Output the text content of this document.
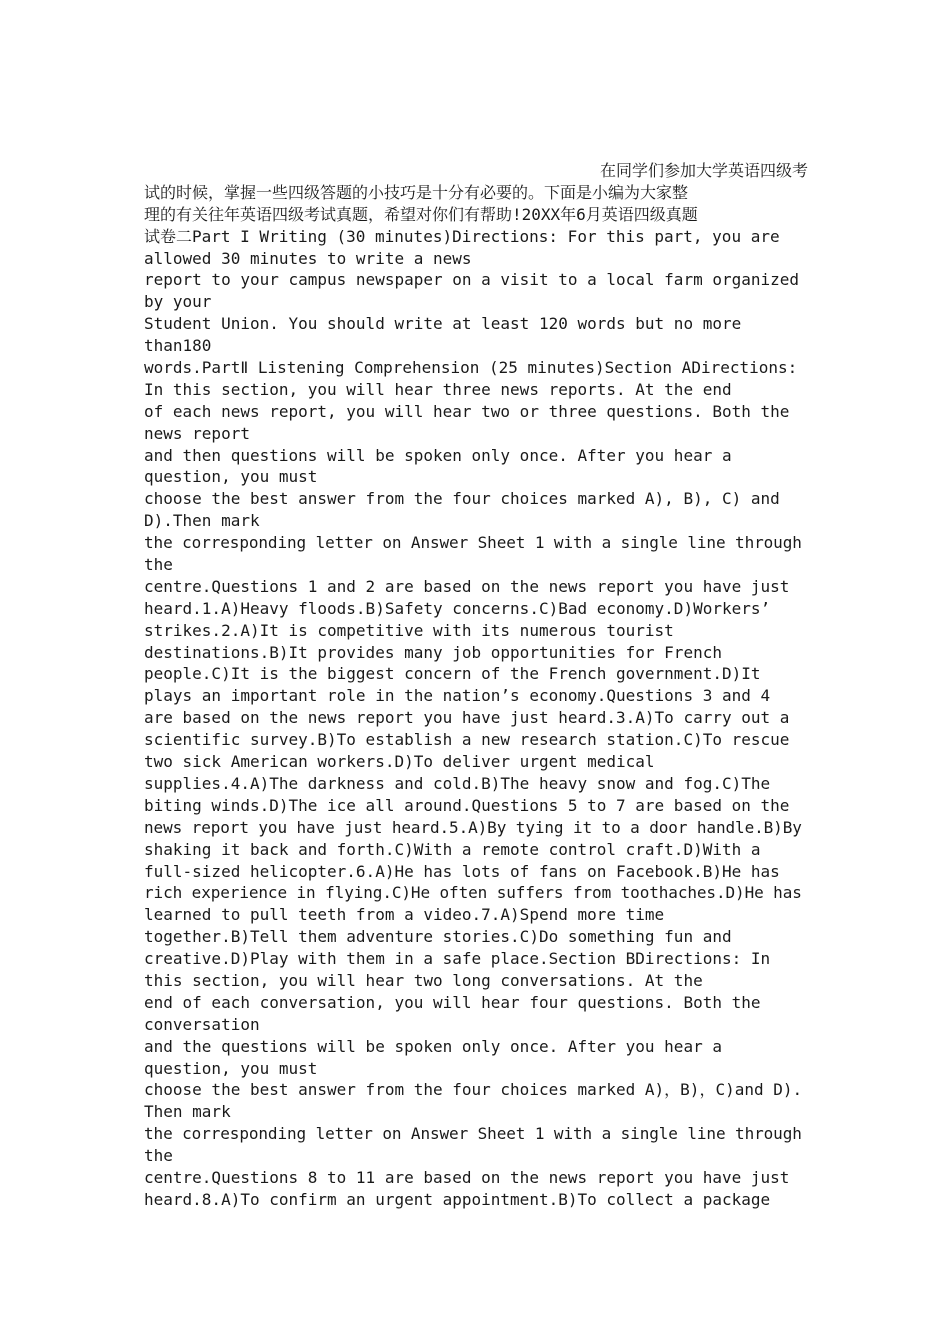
在同学们参加大学英语四级考
试的时候，掌握一些四级答题的小技巧是十分有必要的。下面是小编为大家整
理的有关往年英语四级考试真题，希望对你们有帮助!20XX年6月英语四级真题
试卷二Part I Writing (30 minutes)Directions: For this part, you are
allowed 30 minutes to write a news
report to your campus newspaper on a visit to a local farm organized
by your
Student Union. You should write at least 120 words but no more
than180
words.PartⅡ Listening Comprehension (25 minutes)Section ADirections:
In this section, you will hear three news reports. At the end
of each news report, you will hear two or three questions. Both the
news report
and then questions will be spoken only once. After you hear a
question, you must
choose the best answer from the four choices marked A), B), C) and
D).Then mark
the corresponding letter on Answer Sheet 1 with a single line through
the
centre.Questions 1 and 2 are based on the news report you have just
heard.1.A)Heavy floods.B)Safety concerns.C)Bad economy.D)Workers’
strikes.2.A)It is competitive with its numerous tourist
destinations.B)It provides many job opportunities for French
people.C)It is the biggest concern of the French government.D)It
plays an important role in the nation’s economy.Questions 3 and 4
are based on the news report you have just heard.3.A)To carry out a
scientific survey.B)To establish a new research station.C)To rescue
two sick American workers.D)To deliver urgent medical
supplies.4.A)The darkness and cold.B)The heavy snow and fog.C)The
biting winds.D)The ice all around.Questions 5 to 7 are based on the
news report you have just heard.5.A)By tying it to a door handle.B)By
shaking it back and forth.C)With a remote control craft.D)With a
full-sized helicopter.6.A)He has lots of fans on Facebook.B)He has
rich experience in flying.C)He often suffers from toothaches.D)He has
learned to pull teeth from a video.7.A)Spend more time
together.B)Tell them adventure stories.C)Do something fun and
creative.D)Play with them in a safe place.Section BDirections: In
this section, you will hear two long conversations. At the
end of each conversation, you will hear four questions. Both the
conversation
and the questions will be spoken only once. After you hear a
question, you must
choose the best answer from the four choices marked A)，B)，C)and D).
Then mark
the corresponding letter on Answer Sheet 1 with a single line through
the
centre.Questions 8 to 11 are based on the news report you have just
heard.8.A)To confirm an urgent appointment.B)To collect a package
